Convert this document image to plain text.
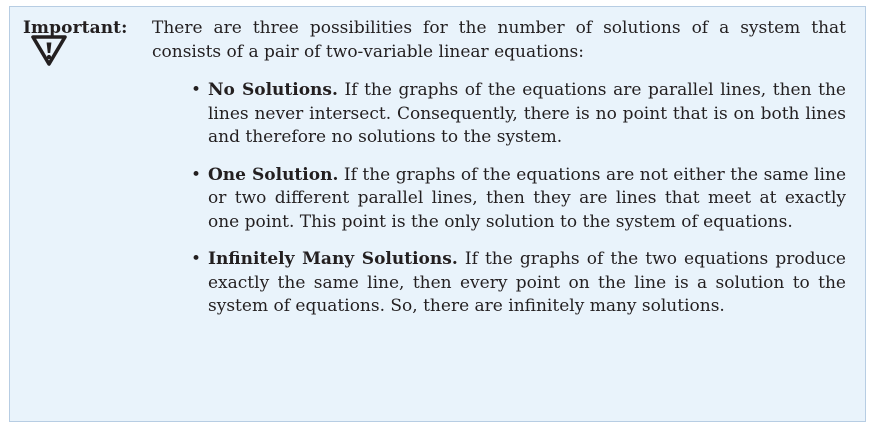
Important:	There are three possibilities for the number of solutions of a system that consists of a pair of two-variable linear equations:

• No Solutions. If the graphs of the equations are parallel lines, then the lines never intersect. Consequently, there is no point that is on both lines and therefore no solutions to the system.
• One Solution. If the graphs of the equations are not either the same line or two different parallel lines, then they are lines that meet at exactly one point. This point is the only solution to the system of equations.
• Infinitely Many Solutions. If the graphs of the two equations produce exactly the same line, then every point on the line is a solution to the system of equations. So, there are infinitely many solutions.
